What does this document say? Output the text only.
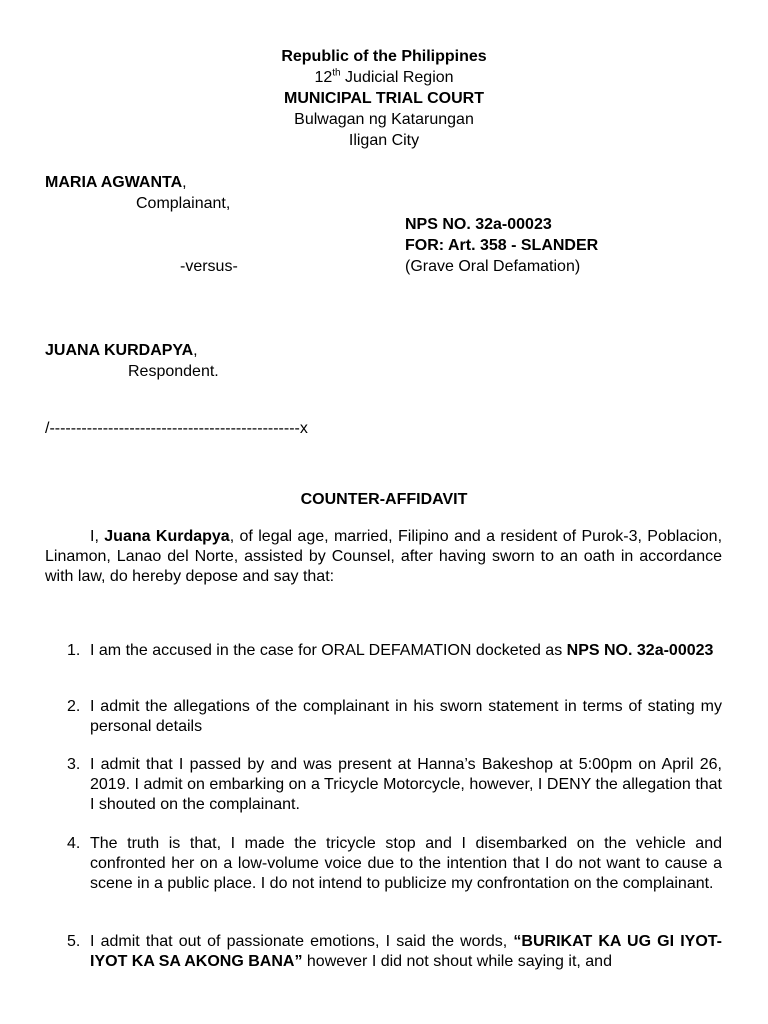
Republic of the Philippines
12th Judicial Region
MUNICIPAL TRIAL COURT
Bulwagan ng Katarungan
Iligan City
MARIA AGWANTA,
Complainant,
NPS NO. 32a-00023
FOR: Art. 358 - SLANDER
-versus-	(Grave Oral Defamation)
JUANA KURDAPYA,
Respondent.
/-----------------------------------------------x
COUNTER-AFFIDAVIT
I, Juana Kurdapya, of legal age, married, Filipino and a resident of Purok-3, Poblacion, Linamon, Lanao del Norte, assisted by Counsel, after having sworn to an oath in accordance with law, do hereby depose and say that:
1. I am the accused in the case for ORAL DEFAMATION docketed as NPS NO. 32a-00023
2. I admit the allegations of the complainant in his sworn statement in terms of stating my personal details
3. I admit that I passed by and was present at Hanna’s Bakeshop at 5:00pm on April 26, 2019. I admit on embarking on a Tricycle Motorcycle, however, I DENY the allegation that I shouted on the complainant.
4. The truth is that, I made the tricycle stop and I disembarked on the vehicle and confronted her on a low-volume voice due to the intention that I do not want to cause a scene in a public place. I do not intend to publicize my confrontation on the complainant.
5. I admit that out of passionate emotions, I said the words, “BURIKAT KA UG GI IYOT-IYOT KA SA AKONG BANA” however I did not shout while saying it, and
